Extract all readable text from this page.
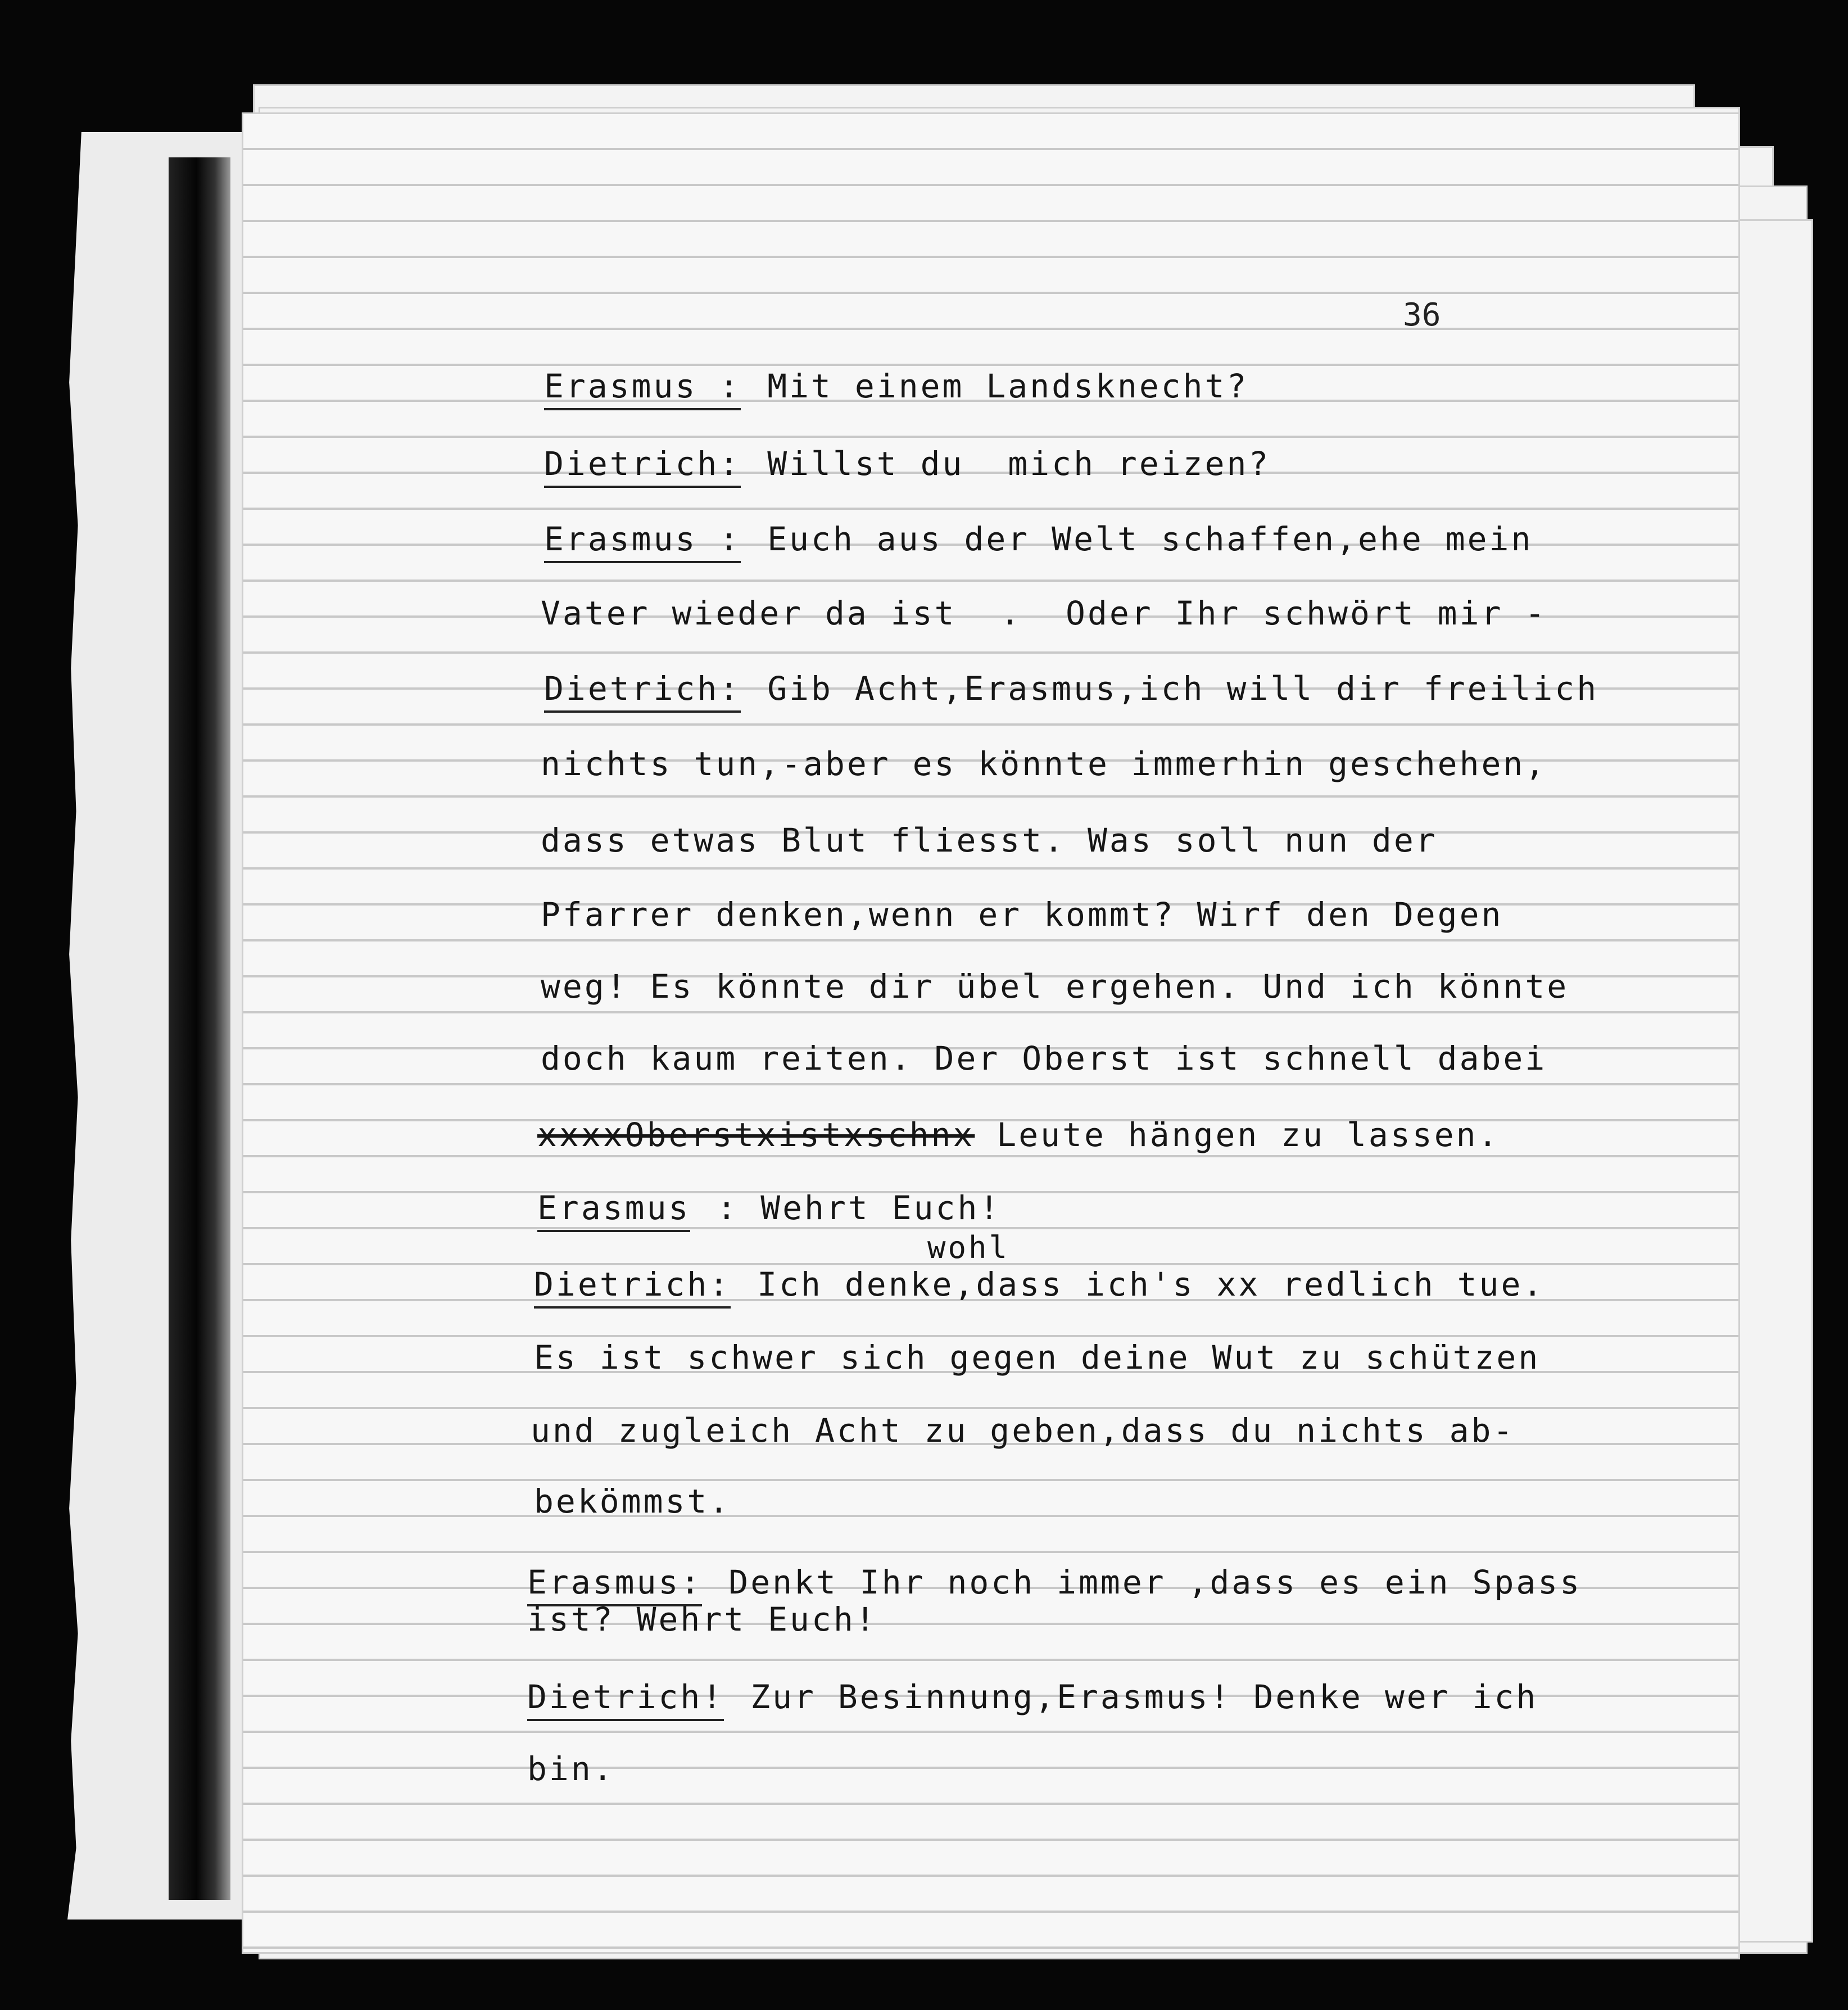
36
Erasmus : Mit einem Landsknecht?
Dietrich: Willst du  mich reizen?
Erasmus : Euch aus der Welt schaffen,ehe mein
Vater wieder da ist  .  Oder Ihr schwört mir -
Dietrich: Gib Acht,Erasmus,ich will dir freilich
nichts tun,-aber es könnte immerhin geschehen,
dass etwas Blut fliesst. Was soll nun der
Pfarrer denken,wenn er kommt? Wirf den Degen
weg! Es könnte dir übel ergehen. Und ich könnte
doch kaum reiten. Der Oberst ist schnell dabei
xxxxOberstxistxschnx Leute hängen zu lassen.
Erasmus : Wehrt Euch!
wohl
Dietrich: Ich denke,dass ich's xx redlich tue.
Es ist schwer sich gegen deine Wut zu schützen
und zugleich Acht zu geben,dass du nichts ab-
bekömmst.
Erasmus: Denkt Ihr noch immer ,dass es ein Spass
ist? Wehrt Euch!
Dietrich! Zur Besinnung,Erasmus! Denke wer ich
bin.
